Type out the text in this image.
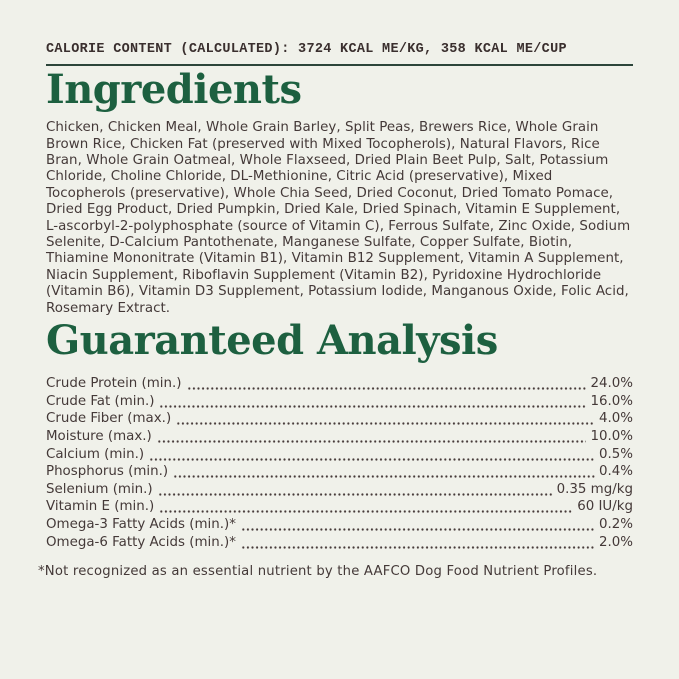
CALORIE CONTENT (CALCULATED): 3724 KCAL ME/KG, 358 KCAL ME/CUP
Ingredients

Chicken, Chicken Meal, Whole Grain Barley, Split Peas, Brewers Rice, Whole Grain Brown Rice, Chicken Fat (preserved with Mixed Tocopherols), Natural Flavors, Rice Bran, Whole Grain Oatmeal, Whole Flaxseed, Dried Plain Beet Pulp, Salt, Potassium Chloride, Choline Chloride, DL-Methionine, Citric Acid (preservative), Mixed Tocopherols (preservative), Whole Chia Seed, Dried Coconut, Dried Tomato Pomace, Dried Egg Product, Dried Pumpkin, Dried Kale, Dried Spinach, Vitamin E Supplement, L-ascorbyl-2-polyphosphate (source of Vitamin C), Ferrous Sulfate, Zinc Oxide, Sodium Selenite, D-Calcium Pantothenate, Manganese Sulfate, Copper Sulfate, Biotin, Thiamine Mononitrate (Vitamin B1), Vitamin B12 Supplement, Vitamin A Supplement, Niacin Supplement, Riboflavin Supplement (Vitamin B2), Pyridoxine Hydrochloride (Vitamin B6), Vitamin D3 Supplement, Potassium Iodide, Manganous Oxide, Folic Acid, Rosemary Extract.

Guaranteed Analysis
Crude Protein (min.)	24.0%
Crude Fat (min.)	16.0%
Crude Fiber (max.)	4.0%
Moisture (max.)	10.0%
Calcium (min.)	0.5%
Phosphorus (min.)	0.4%
Selenium (min.)	0.35 mg/kg
Vitamin E (min.)	60 IU/kg
Omega-3 Fatty Acids (min.)*	0.2%
Omega-6 Fatty Acids (min.)*	2.0%

*Not recognized as an essential nutrient by the AAFCO Dog Food Nutrient Profiles.
